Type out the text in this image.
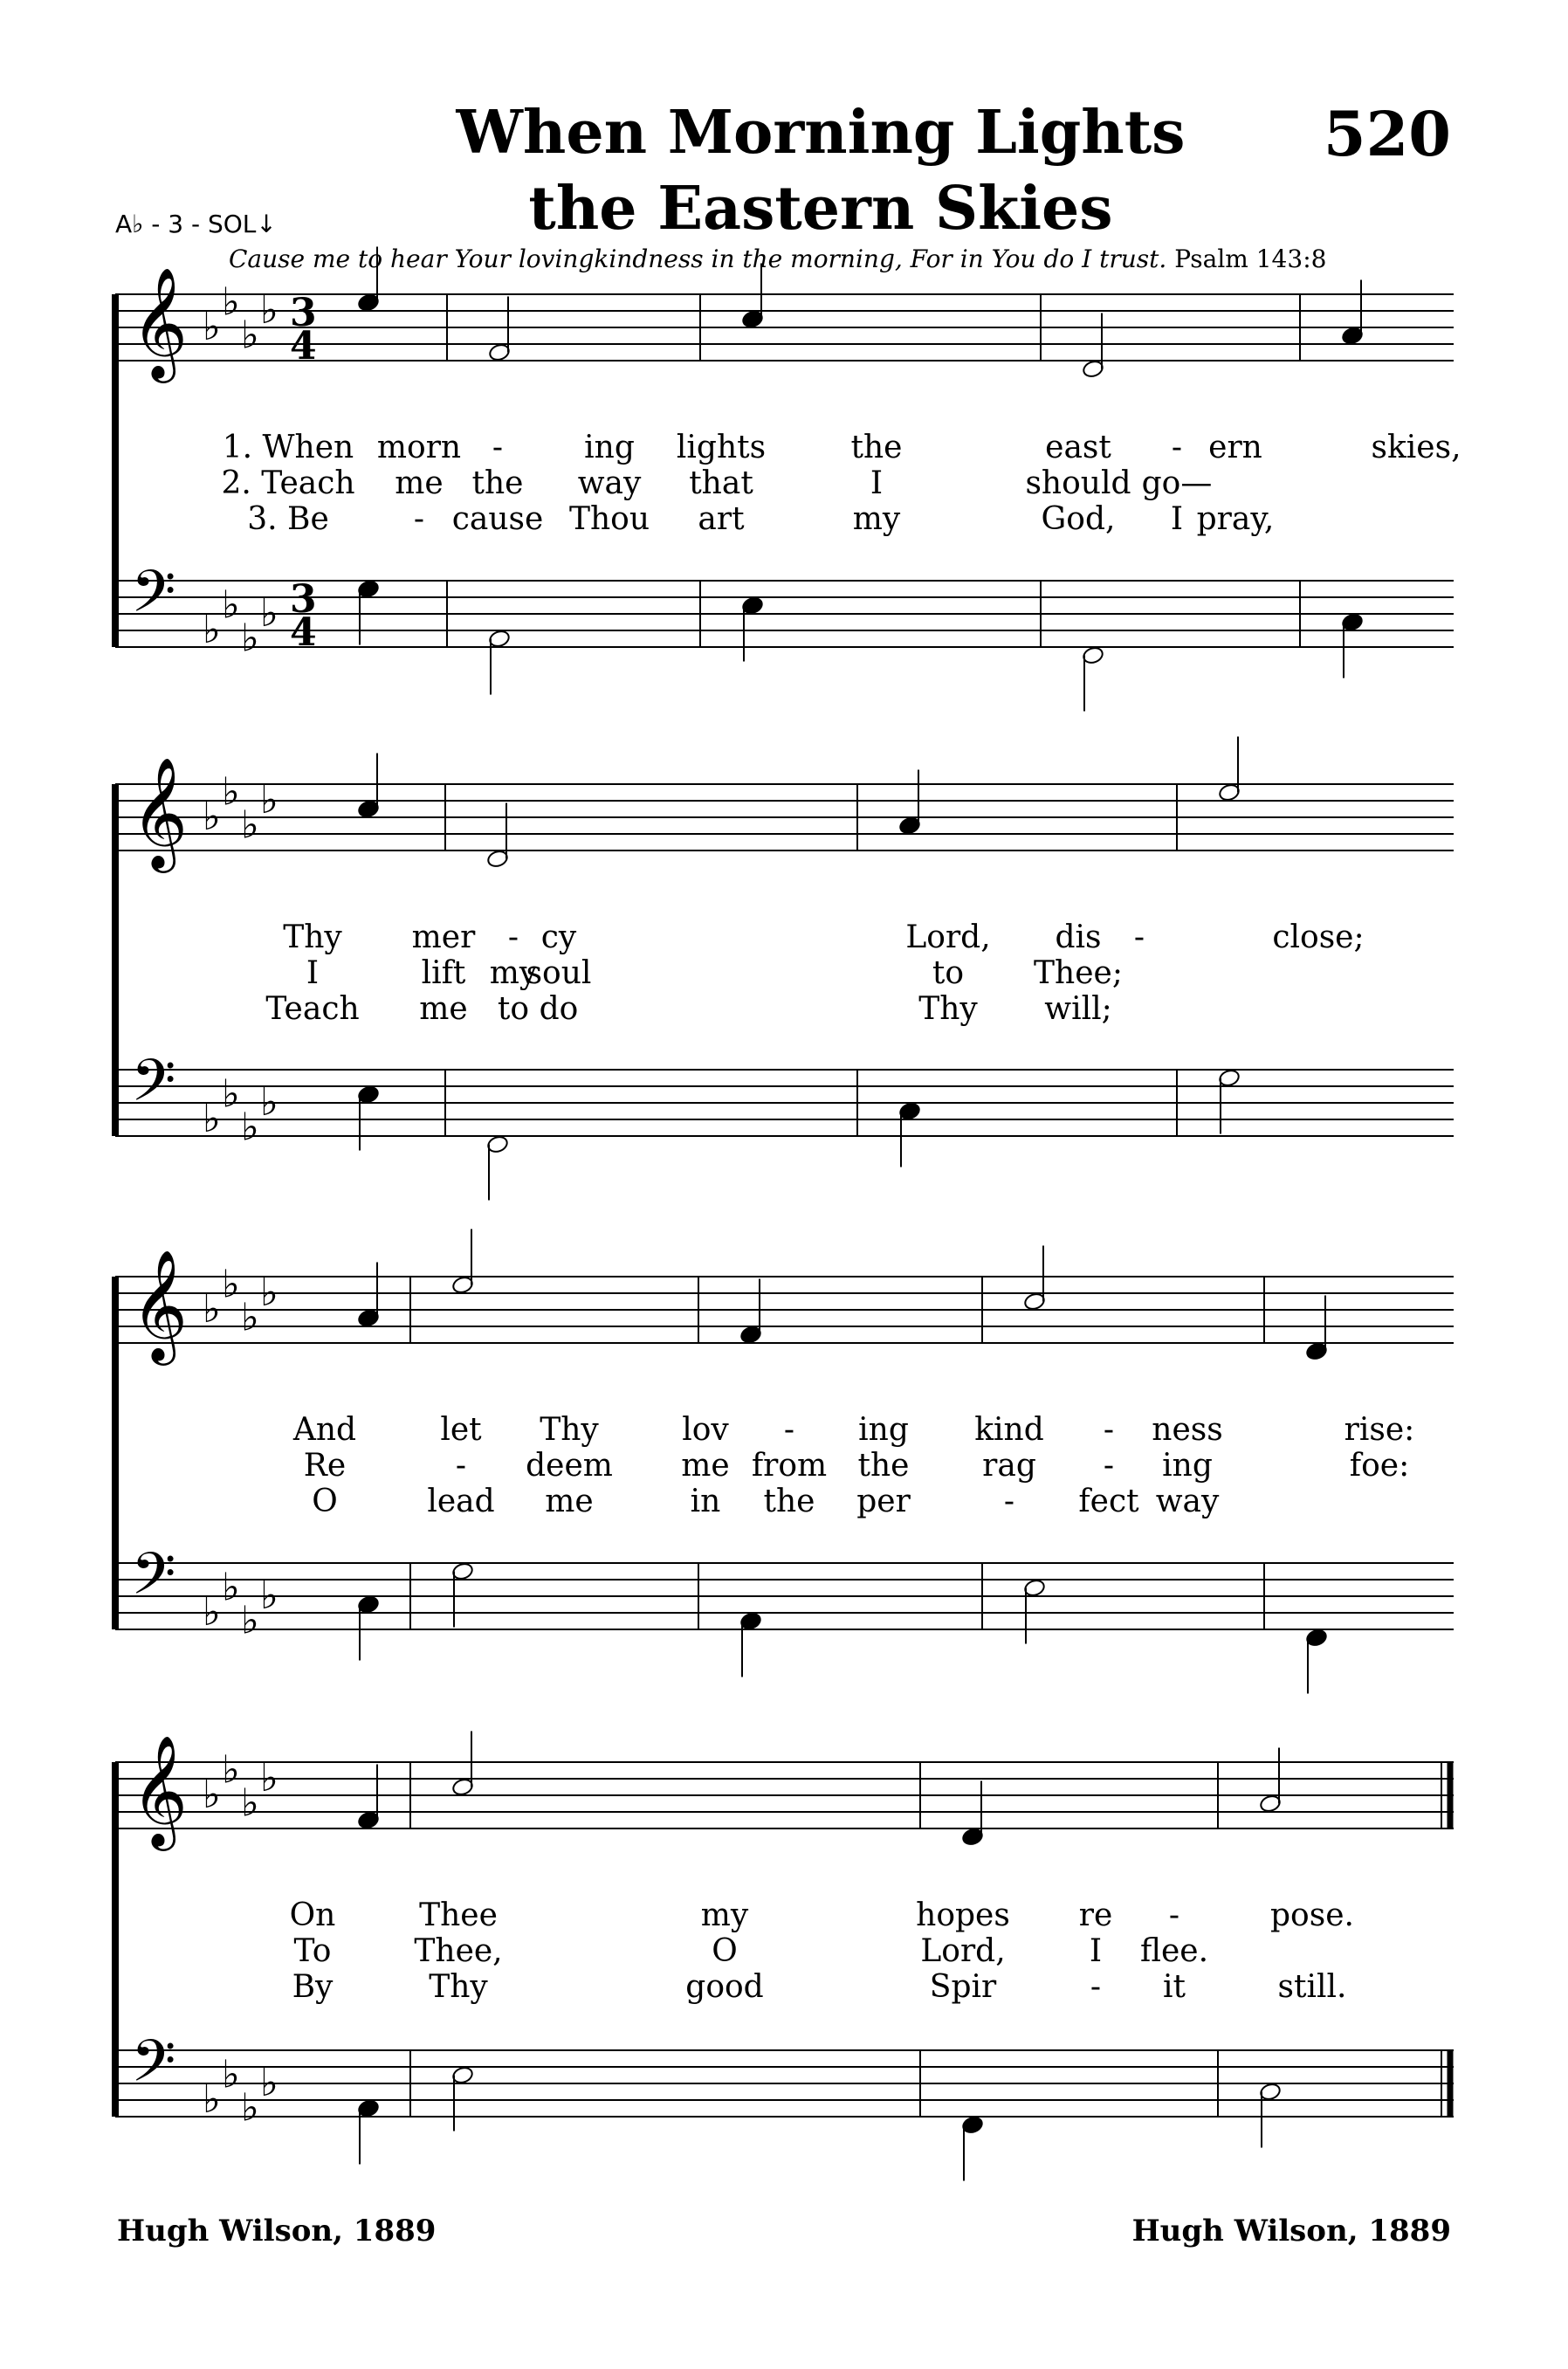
When Morning Lights
the Eastern Skies
520
A♭ - 3 - SOL↓
Cause me to hear Your lovingkindness in the morning, For in You do I trust. Psalm 143:8
𝄞 ♭
♭
♭
♭ 3
4
𝄢 ♭
♭
♭
♭ 3
4
1. When morn -	ing lights	the	east - ern	skies,
2. Teach me the way that	I	should go—
3. Be	- cause Thou art	my	God, I pray,
𝄞 ♭
♭
♭
♭
𝄢 ♭
♭
♭
♭
Thy mer - cy	Lord, dis -	close;
I	lift my
soul	to Thee;
Teach me to do	Thy will;
𝄞 ♭
♭
♭
♭
𝄢 ♭
♭
♭
♭
And	let Thy	lov - ing kind - ness	rise:
Re	- deem me from the rag - ing	foe:
O	lead me	in the per	- fect way
𝄞 ♭
♭
♭
♭
𝄢 ♭
♭
♭
♭
On	Thee	my	hopes re -	pose.
To	Thee,	O	Lord,	I flee.
By	Thy	good	Spir	- it	still.
Hugh Wilson, 1889	Hugh Wilson, 1889
